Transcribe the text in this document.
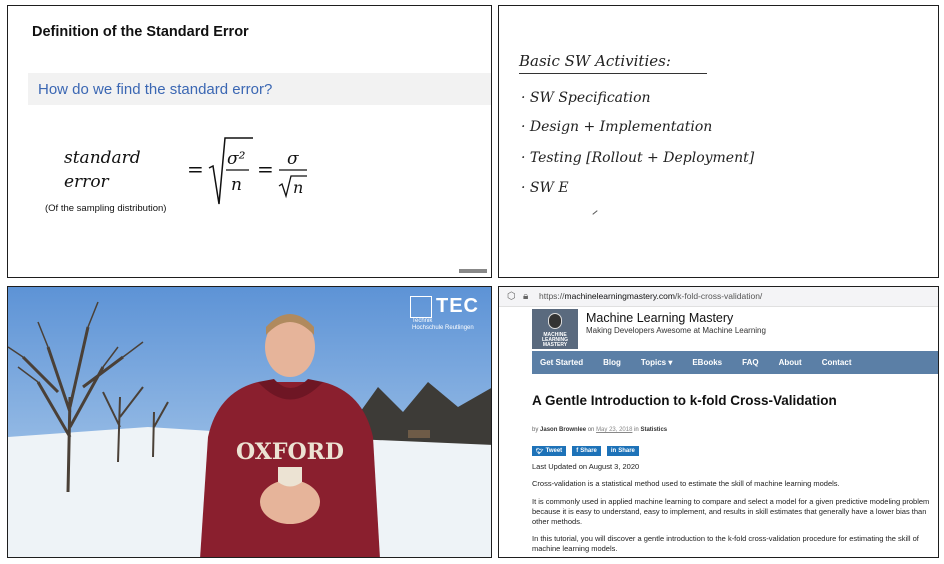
Definition of the Standard Error
How do we find the standard error?
standard
error
= σ²
n
= σ
n
(Of the sampling distribution)
Basic SW Activities:
· SW Specification
· Design + Implementation
· Testing [Rollout + Deployment]
· SW E
OXFORD
TEC
Technik
Hochschule Reutlingen
⬡ 🔒︎ https://machinelearningmastery.com/k-fold-cross-validation/
MACHINE LEARNING MASTERY
Machine Learning Mastery
Making Developers Awesome at Machine Learning
Get Started	Blog	Topics ▾	EBooks	FAQ	About	Contact
A Gentle Introduction to k-fold Cross-Validation
by Jason Brownlee on May 23, 2018 in Statistics
🐦︎ Tweet f Share in Share
Last Updated on August 3, 2020
Cross-validation is a statistical method used to estimate the skill of machine learning models.
It is commonly used in applied machine learning to compare and select a model for a given predictive modeling problem because it is easy to understand, easy to implement, and results in skill estimates that generally have a lower bias than other methods.
In this tutorial, you will discover a gentle introduction to the k-fold cross-validation procedure for estimating the skill of machine learning models.
